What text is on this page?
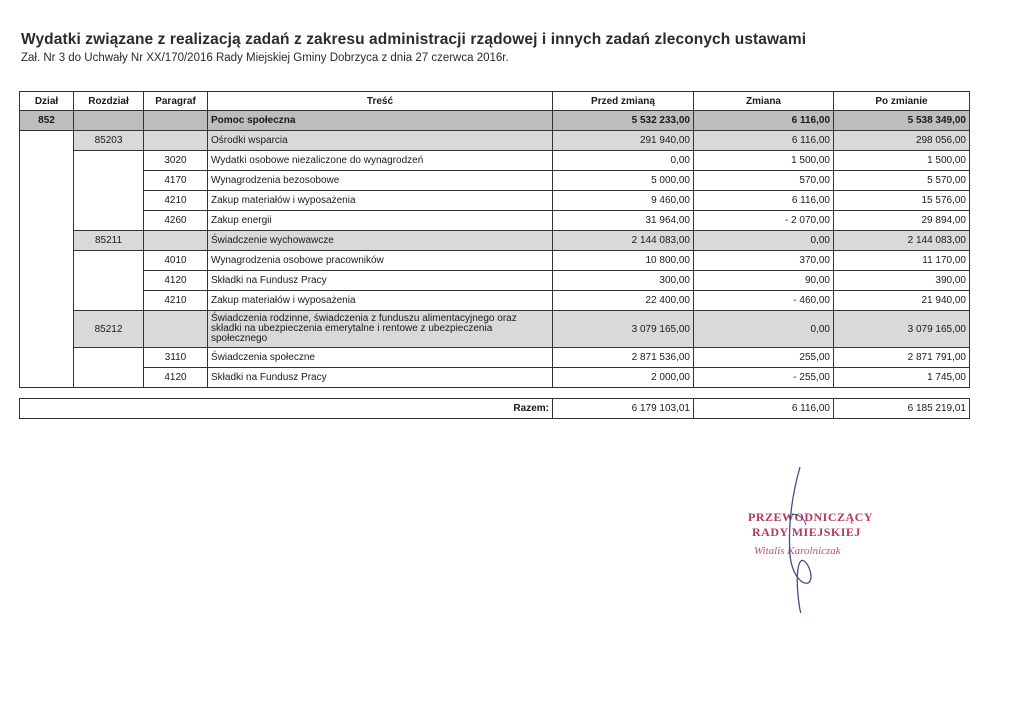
Wydatki związane z realizacją zadań z zakresu administracji rządowej i innych zadań zleconych ustawami
Zał. Nr 3 do Uchwały Nr XX/170/2016 Rady Miejskiej Gminy Dobrzyca z dnia 27 czerwca 2016r.
Dział	Rozdział	Paragraf	Treść	Przed zmianą	Zmiana	Po zmianie
852			Pomoc społeczna	5 532 233,00	6 116,00	5 538 349,00
	85203		Ośrodki wsparcia	291 940,00	6 116,00	298 056,00
		3020	Wydatki osobowe niezaliczone do wynagrodzeń	0,00	1 500,00	1 500,00
		4170	Wynagrodzenia bezosobowe	5 000,00	570,00	5 570,00
		4210	Zakup materiałów i wyposażenia	9 460,00	6 116,00	15 576,00
		4260	Zakup energii	31 964,00	- 2 070,00	29 894,00
	85211		Świadczenie wychowawcze	2 144 083,00	0,00	2 144 083,00
		4010	Wynagrodzenia osobowe pracowników	10 800,00	370,00	11 170,00
		4120	Składki na Fundusz Pracy	300,00	90,00	390,00
		4210	Zakup materiałów i wyposażenia	22 400,00	- 460,00	21 940,00
	85212		Świadczenia rodzinne, świadczenia z funduszu alimentacyjnego oraz składki na ubezpieczenia emerytalne i rentowe z ubezpieczenia społecznego	3 079 165,00	0,00	3 079 165,00
		3110	Świadczenia społeczne	2 871 536,00	255,00	2 871 791,00
		4120	Składki na Fundusz Pracy	2 000,00	- 255,00	1 745,00
Razem:	6 179 103,01	6 116,00	6 185 219,01
PRZEWODNICZĄCY
RADY MIEJSKIEJ
Witalis Karolniczak
